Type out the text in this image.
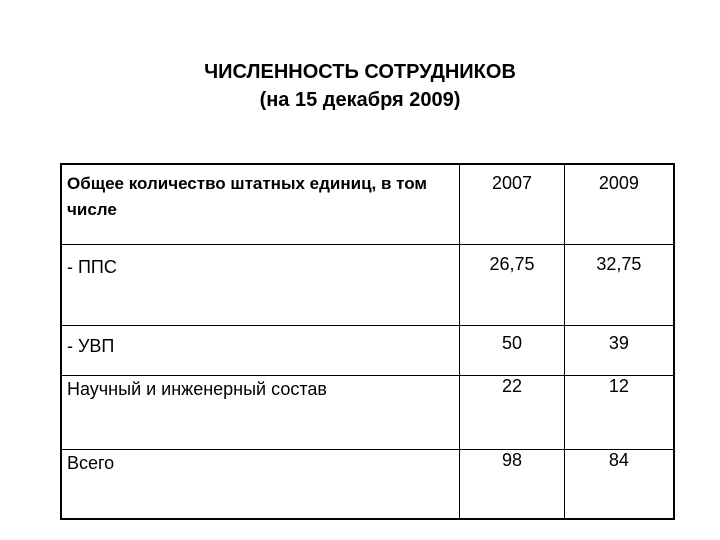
ЧИСЛЕННОСТЬ СОТРУДНИКОВ
(на 15 декабря 2009)
Общее количество штатных единиц, в том числе	2007	2009
- ППС	26,75	32,75
- УВП	50	39
Научный и инженерный состав	22	12
Всего	98	84
